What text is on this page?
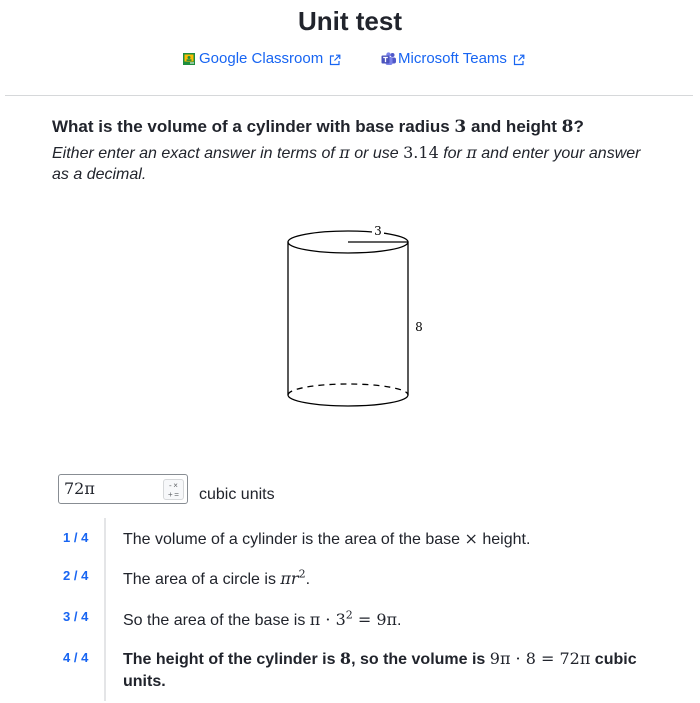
Unit test
Google Classroom	Microsoft Teams

What is the volume of a cylinder with base radius 3 and height 8?

Either enter an exact answer in terms of π or use 3.14 for π and enter your answer as a decimal.

3
8
72π	- ×
+ = cubic units
1 / 4 The volume of a cylinder is the area of the base × height.
2 / 4 The area of a circle is $\pi r^2$.
3 / 4 So the area of the base is $\pi \cdot 3^2 = 9\pi$.
4 / 4 The height of the cylinder is 8, so the volume is 9π · 8 = 72π cubic units.
